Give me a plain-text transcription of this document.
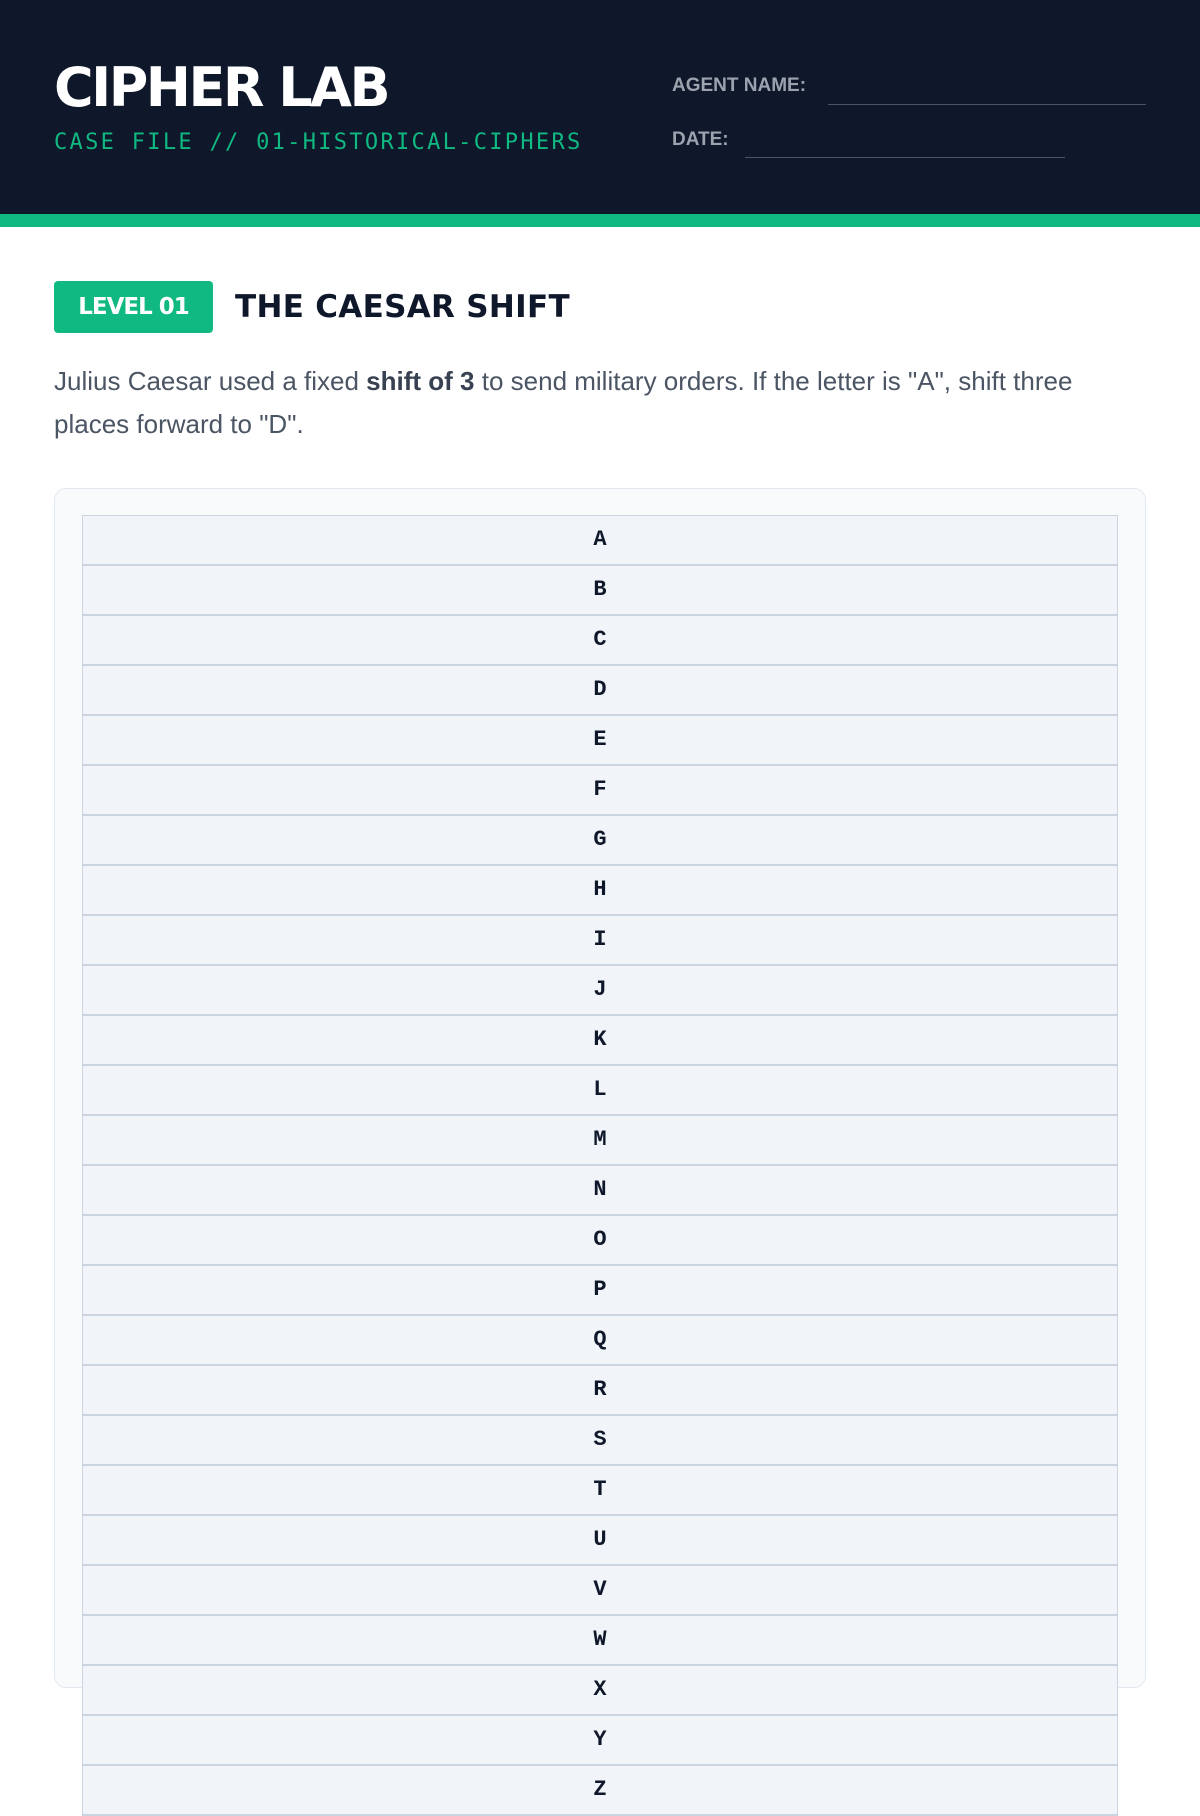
CIPHER LAB
CASE FILE // 01-HISTORICAL-CIPHERS
AGENT NAME:
DATE:
LEVEL 01	THE CAESAR SHIFT

Julius Caesar used a fixed shift of 3 to send military orders. If the letter is "A", shift three places forward to "D".

A
B
C
D
E
F
G
H
I
J
K
L
M
N
O
P
Q
R
S
T
U
V
W
X
Y
Z
